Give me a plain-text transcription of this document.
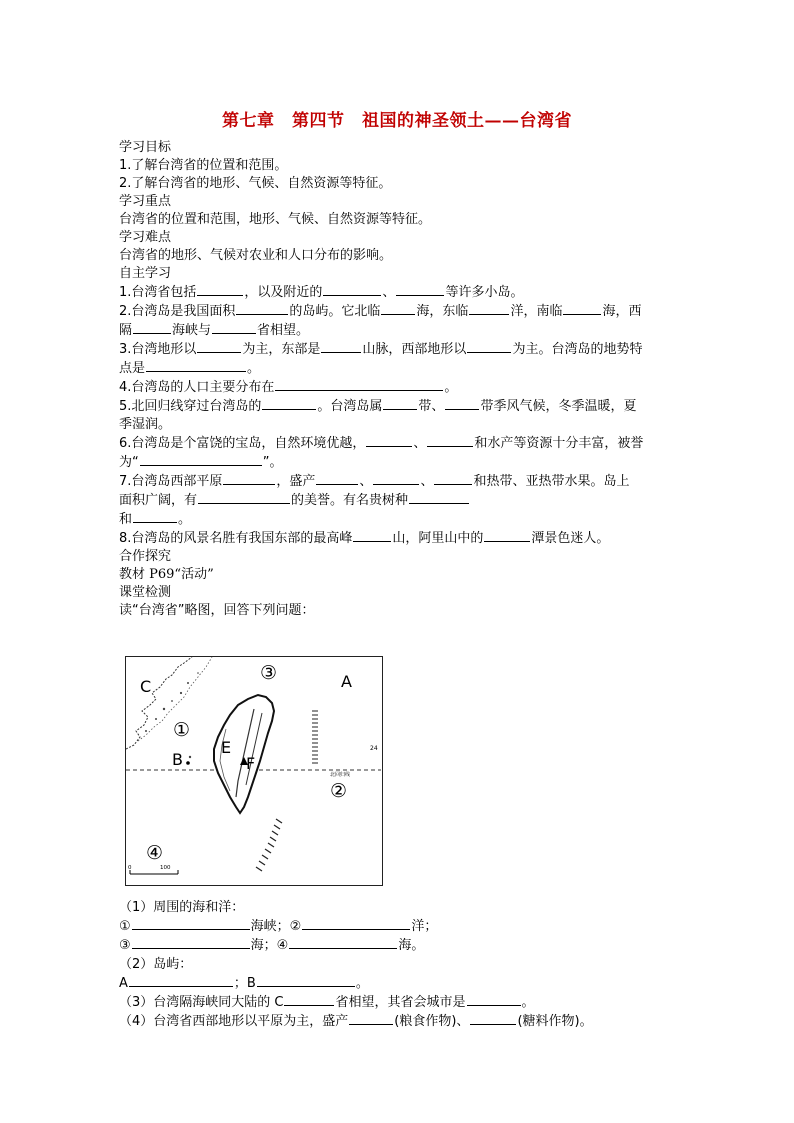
第七章　第四节　祖国的神圣领土——台湾省
学习目标
1.了解台湾省的位置和范围。
2.了解台湾省的地形、气候、自然资源等特征。
学习重点
台湾省的位置和范围，地形、气候、自然资源等特征。
学习难点
台湾省的地形、气候对农业和人口分布的影响。
自主学习
1.台湾省包括	，以及附近的	、	等许多小岛。
2.台湾岛是我国面积	的岛屿。它北临	海，东临	洋，南临	海，西
隔	海峡与	省相望。
3.台湾地形以	为主，东部是	山脉，西部地形以	为主。台湾岛的地势特
点是	。
4.台湾岛的人口主要分布在	。
5.北回归线穿过台湾岛的	。台湾岛属	带、	带季风气候，冬季温暖，夏
季湿润。
6.台湾岛是个富饶的宝岛，自然环境优越，	、	和水产等资源十分丰富，被誉
为“	”。
7.台湾岛西部平原	，盛产	、	、	和热带、亚热带水果。岛上
面积广阔，有	的美誉。有名贵树种
和	。
8.台湾岛的风景名胜有我国东部的最高峰	山，阿里山中的	潭景色迷人。
合作探究
教材 P69“活动”
课堂检测
读“台湾省”略图，回答下列问题：
北回归线
24
C	A
B
E
F
①
②
③
④
0	100
（1）周围的海和洋：
①	海峡；②	洋；
③	海；④	海。
（2）岛屿：
A	；B	。
（3）台湾隔海峡同大陆的 C	省相望，其省会城市是	。
（4）台湾省西部地形以平原为主，盛产	(粮食作物)、	(糖料作物)。
